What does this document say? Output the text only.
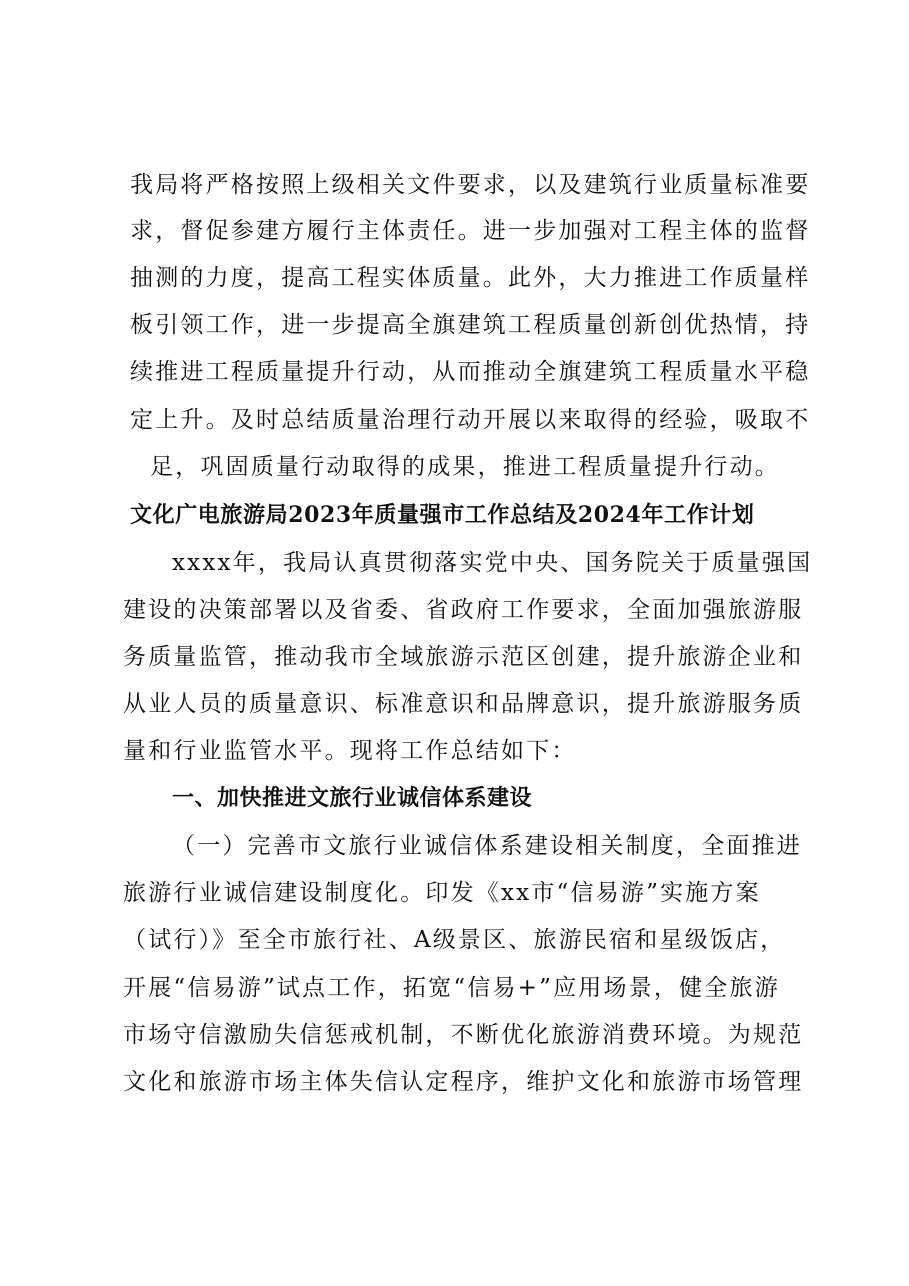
我局将严格按照上级相关文件要求，以及建筑行业质量标准要
求，督促参建方履行主体责任。进一步加强对工程主体的监督
抽测的力度，提高工程实体质量。此外，大力推进工作质量样
板引领工作，进一步提高全旗建筑工程质量创新创优热情，持
续推进工程质量提升行动，从而推动全旗建筑工程质量水平稳
定上升。及时总结质量治理行动开展以来取得的经验，吸取不
足，巩固质量行动取得的成果，推进工程质量提升行动。
文化广电旅游局2023年质量强市工作总结及2024年工作计划
xxxx年，我局认真贯彻落实党中央、国务院关于质量强国
建设的决策部署以及省委、省政府工作要求，全面加强旅游服
务质量监管，推动我市全域旅游示范区创建，提升旅游企业和
从业人员的质量意识、标准意识和品牌意识，提升旅游服务质
量和行业监管水平。现将工作总结如下：
一、加快推进文旅行业诚信体系建设
（一）完善市文旅行业诚信体系建设相关制度，全面推进
旅游行业诚信建设制度化。印发《xx市“信易游”实施方案
（试行）》至全市旅行社、A级景区、旅游民宿和星级饭店，
开展“信易游”试点工作，拓宽“信易+”应用场景，健全旅游
市场守信激励失信惩戒机制，不断优化旅游消费环境。为规范
文化和旅游市场主体失信认定程序，维护文化和旅游市场管理
